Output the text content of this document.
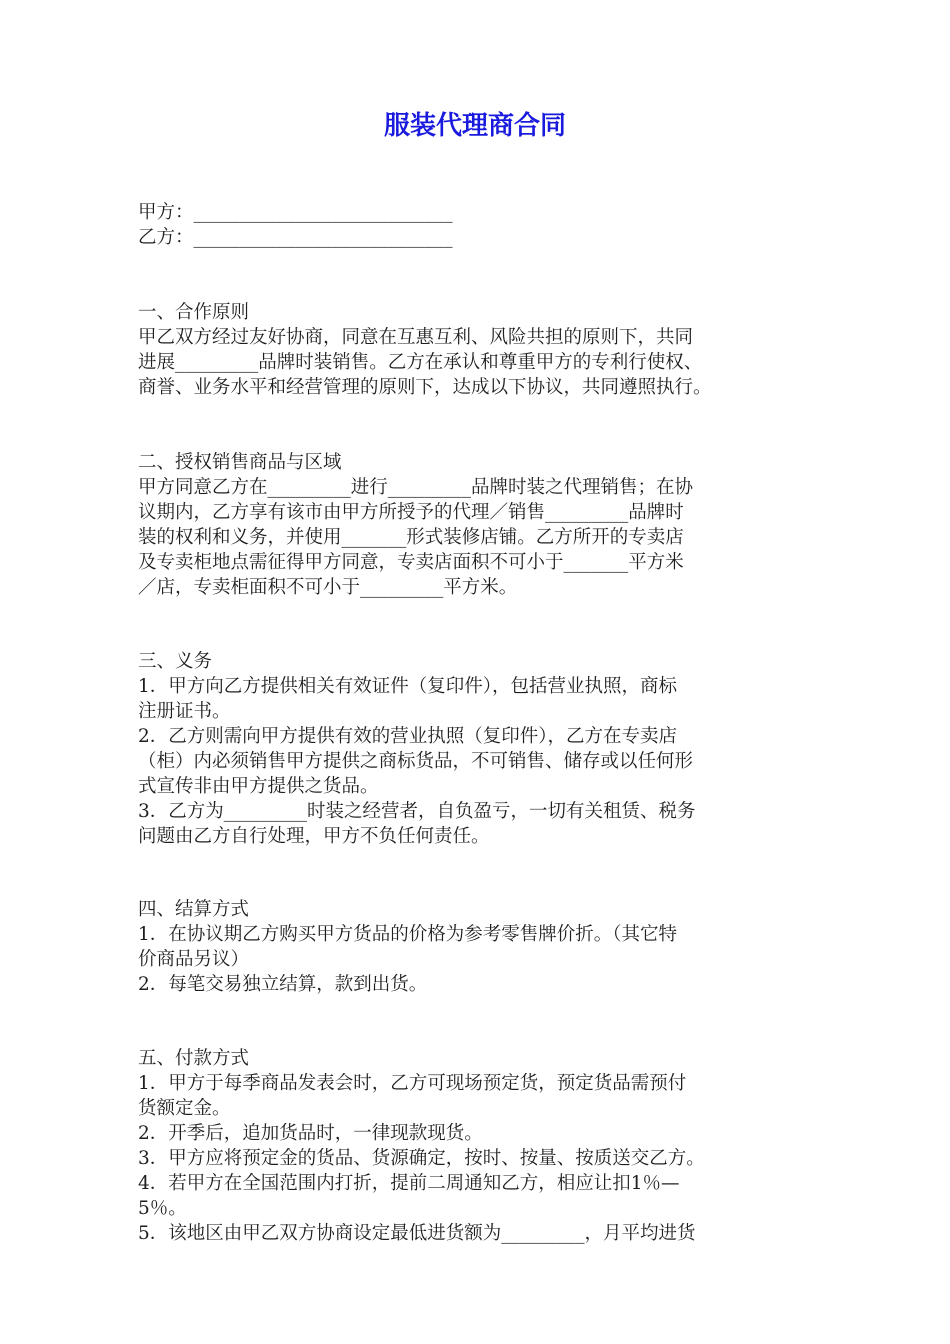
服装代理商合同
甲方：____________________________
乙方：____________________________
一、合作原则
甲乙双方经过友好协商，同意在互惠互利、风险共担的原则下，共同
进展_________品牌时装销售。乙方在承认和尊重甲方的专利行使权、
商誉、业务水平和经营管理的原则下，达成以下协议，共同遵照执行。
二、授权销售商品与区域
甲方同意乙方在_________进行_________品牌时装之代理销售；在协
议期内，乙方享有该市由甲方所授予的代理／销售_________品牌时
装的权利和义务，并使用_______形式装修店铺。乙方所开的专卖店
及专卖柜地点需征得甲方同意，专卖店面积不可小于_______平方米
／店，专卖柜面积不可小于_________平方米。
三、义务
1．甲方向乙方提供相关有效证件（复印件），包括营业执照，商标
注册证书。
2．乙方则需向甲方提供有效的营业执照（复印件），乙方在专卖店
（柜）内必须销售甲方提供之商标货品，不可销售、储存或以任何形
式宣传非由甲方提供之货品。
3．乙方为_________时装之经营者，自负盈亏，一切有关租赁、税务
问题由乙方自行处理，甲方不负任何责任。
四、结算方式
1．在协议期乙方购买甲方货品的价格为参考零售牌价折。（其它特
价商品另议）
2．每笔交易独立结算，款到出货。
五、付款方式
1．甲方于每季商品发表会时，乙方可现场预定货，预定货品需预付
货额定金。
2．开季后，追加货品时，一律现款现货。
3．甲方应将预定金的货品、货源确定，按时、按量、按质送交乙方。
4．若甲方在全国范围内打折，提前二周通知乙方，相应让扣1％—
5％。
5．该地区由甲乙双方协商设定最低进货额为_________，月平均进货
